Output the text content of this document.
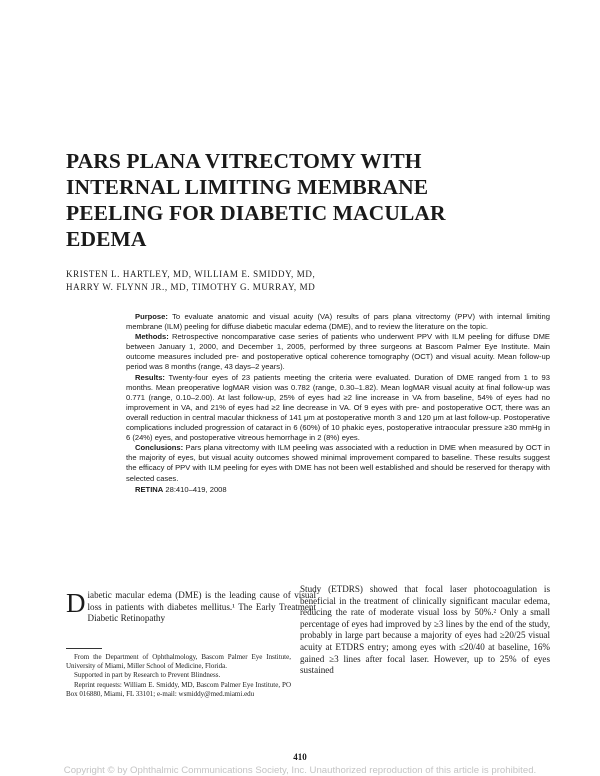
PARS PLANA VITRECTOMY WITH
INTERNAL LIMITING MEMBRANE
PEELING FOR DIABETIC MACULAR
EDEMA
KRISTEN L. HARTLEY, MD, WILLIAM E. SMIDDY, MD,
HARRY W. FLYNN JR., MD, TIMOTHY G. MURRAY, MD

Purpose: To evaluate anatomic and visual acuity (VA) results of pars plana vitrectomy (PPV) with internal limiting membrane (ILM) peeling for diffuse diabetic macular edema (DME), and to review the literature on the topic.

Methods: Retrospective noncomparative case series of patients who underwent PPV with ILM peeling for diffuse DME between January 1, 2000, and December 1, 2005, performed by three surgeons at Bascom Palmer Eye Institute. Main outcome measures included pre- and postoperative optical coherence tomography (OCT) and visual acuity. Mean follow-up period was 8 months (range, 43 days–2 years).

Results: Twenty-four eyes of 23 patients meeting the criteria were evaluated. Duration of DME ranged from 1 to 93 months. Mean preoperative logMAR vision was 0.782 (range, 0.30–1.82). Mean logMAR visual acuity at final follow-up was 0.771 (range, 0.10–2.00). At last follow-up, 25% of eyes had ≥2 line increase in VA from baseline, 54% of eyes had no improvement in VA, and 21% of eyes had ≥2 line decrease in VA. Of 9 eyes with pre- and postoperative OCT, there was an overall reduction in central macular thickness of 141 μm at postoperative month 3 and 120 μm at last follow-up. Postoperative complications included progression of cataract in 6 (60%) of 10 phakic eyes, postoperative intraocular pressure ≥30 mmHg in 6 (24%) eyes, and postoperative vitreous hemorrhage in 2 (8%) eyes.

Conclusions: Pars plana vitrectomy with ILM peeling was associated with a reduction in DME when measured by OCT in the majority of eyes, but visual acuity outcomes showed minimal improvement compared to baseline. These results suggest the efficacy of PPV with ILM peeling for eyes with DME has not been well established and should be reserved for therapy with selected cases.

RETINA 28:410–419, 2008

Diabetic macular edema (DME) is the leading cause of visual loss in patients with diabetes mellitus.¹ The Early Treatment Diabetic Retinopathy

From the Department of Ophthalmology, Bascom Palmer Eye Institute, University of Miami, Miller School of Medicine, Florida.

Supported in part by Research to Prevent Blindness.

Reprint requests: William E. Smiddy, MD, Bascom Palmer Eye Institute, PO Box 016880, Miami, FL 33101; e-mail: wsmiddy@med.miami.edu

Study (ETDRS) showed that focal laser photocoagulation is beneficial in the treatment of clinically significant macular edema, reducing the rate of moderate visual loss by 50%.² Only a small percentage of eyes had improved by ≥3 lines by the end of the study, probably in large part because a majority of eyes had ≥20/25 visual acuity at ETDRS entry; among eyes with ≤20/40 at baseline, 16% gained ≥3 lines after focal laser. However, up to 25% of eyes sustained

410
Copyright © by Ophthalmic Communications Society, Inc. Unauthorized reproduction of this article is prohibited.
